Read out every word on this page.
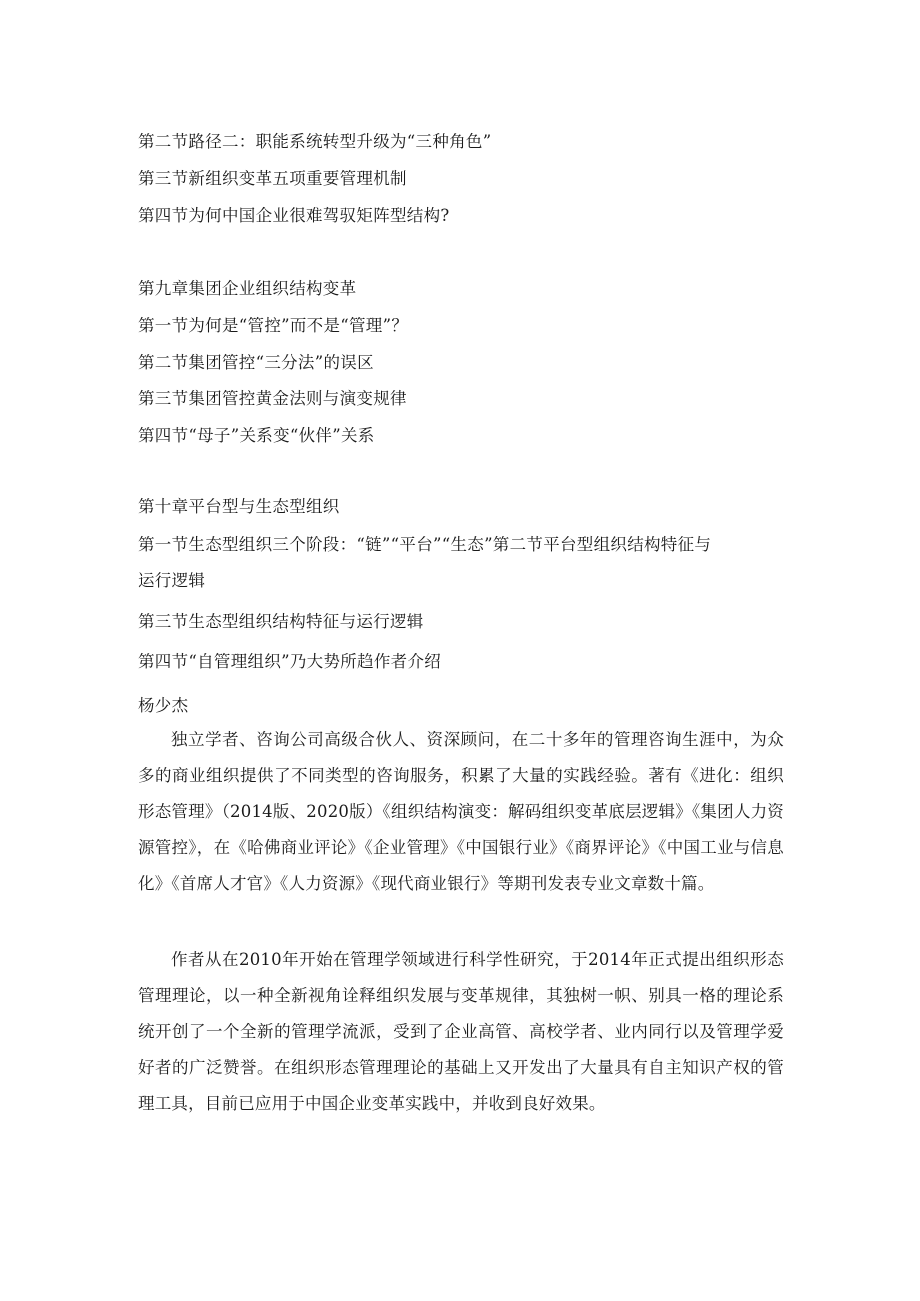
第二节路径二：职能系统转型升级为“三种角色”
第三节新组织变革五项重要管理机制
第四节为何中国企业很难驾驭矩阵型结构?
第九章集团企业组织结构变革
第一节为何是“管控”而不是“管理”？
第二节集团管控“三分法”的误区
第三节集团管控黄金法则与演变规律
第四节“母子”关系变“伙伴”关系
第十章平台型与生态型组织
第一节生态型组织三个阶段：“链”“平台”“生态”第二节平台型组织结构特征与
运行逻辑
第三节生态型组织结构特征与运行逻辑
第四节“自管理组织”乃大势所趋作者介绍
杨少杰

独立学者、咨询公司高级合伙人、资深顾问，在二十多年的管理咨询生涯中，为众多的商业组织提供了不同类型的咨询服务，积累了大量的实践经验。著有《进化：组织形态管理》（2014版、2020版）《组织结构演变：解码组织变革底层逻辑》《集团人力资源管控》，在《哈佛商业评论》《企业管理》《中国银行业》《商界评论》《中国工业与信息化》《首席人才官》《人力资源》《现代商业银行》等期刊发表专业文章数十篇。

作者从在2010年开始在管理学领域进行科学性研究，于2014年正式提出组织形态管理理论，以一种全新视角诠释组织发展与变革规律，其独树一帜、别具一格的理论系统开创了一个全新的管理学流派，受到了企业高管、高校学者、业内同行以及管理学爱好者的广泛赞誉。在组织形态管理理论的基础上又开发出了大量具有自主知识产权的管理工具，目前已应用于中国企业变革实践中，并收到良好效果。
